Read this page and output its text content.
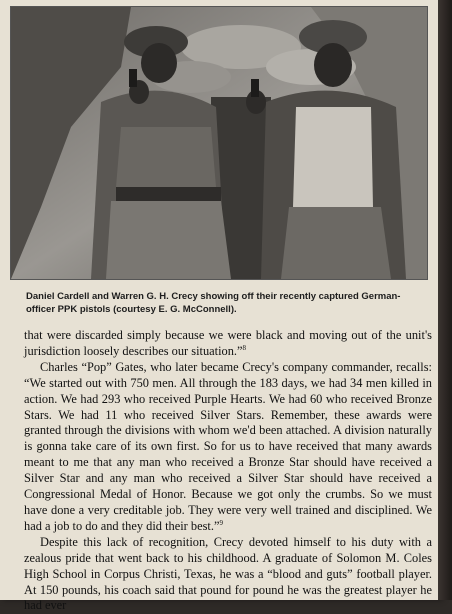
Daniel Cardell and Warren G. H. Crecy showing off their recently captured German-officer PPK pistols (courtesy E. G. McConnell).

that were discarded simply because we were black and moving out of the unit's jurisdiction loosely describes our situation.”$^8$

Charles “Pop” Gates, who later became Crecy's company commander, recalls: “We started out with 750 men. All through the 183 days, we had 34 men killed in action. We had 293 who received Purple Hearts. We had 60 who received Bronze Stars. We had 11 who received Silver Stars. Remember, these awards were granted through the divisions with whom we'd been attached. A division naturally is gonna take care of its own first. So for us to have received that many awards meant to me that any man who received a Bronze Star should have received a Silver Star and any man who received a Silver Star should have received a Congressional Medal of Honor. Because we got only the crumbs. So we must have done a very creditable job. They were very well trained and disciplined. We had a job to do and they did their best.”$^9$

Despite this lack of recognition, Crecy devoted himself to his duty with a zealous pride that went back to his childhood. A graduate of Solomon M. Coles High School in Corpus Christi, Texas, he was a “blood and guts” football player. At 150 pounds, his coach said that pound for pound he was the greatest player he had ever
